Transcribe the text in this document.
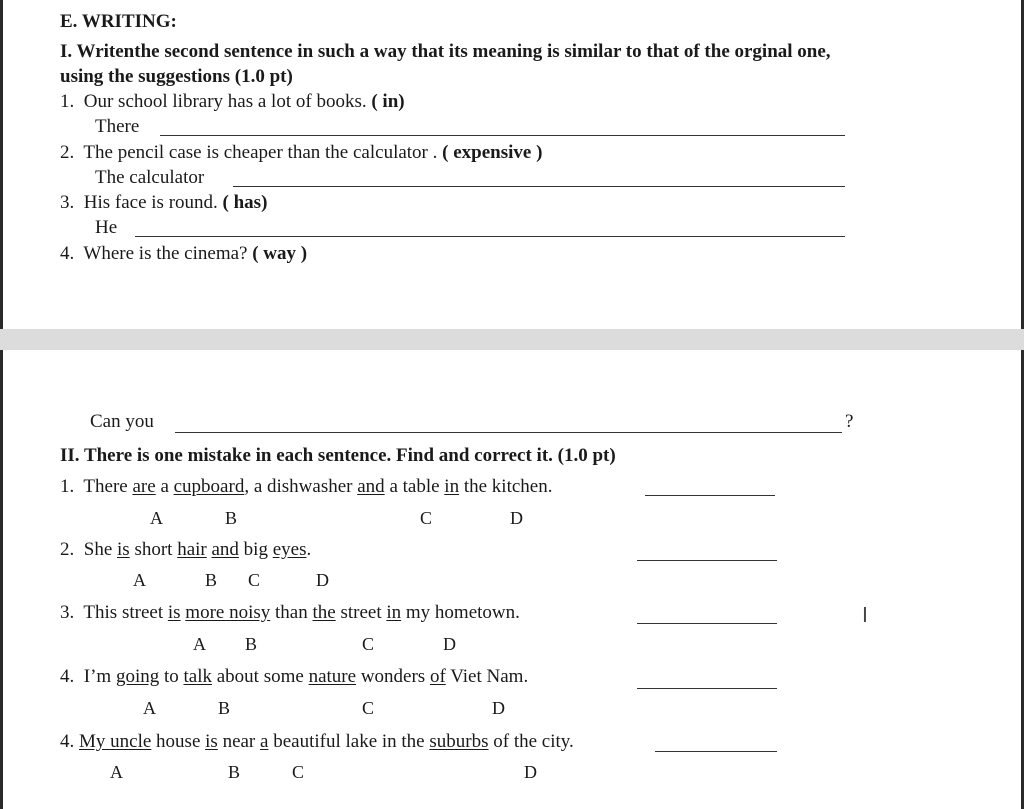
E. WRITING:
I. Writenthe second sentence in such a way that its meaning is similar to that of the orginal one,
using the suggestions (1.0 pt)
1. Our school library has a lot of books. ( in)
There
2. The pencil case is cheaper than the calculator . ( expensive )
The calculator
3. His face is round. ( has)
He
4. Where is the cinema? ( way )
Can you	?
II. There is one mistake in each sentence. Find and correct it. (1.0 pt)
1. There are a cupboard, a dishwasher and a table in the kitchen.
A	B	C	D
2. She is short hair and big eyes.
A	B C	D
3. This street is more noisy than the street in my hometown.
A B	C	D
4. I’m going to talk about some nature wonders of Viet Nam.
A	B	C	D
4. My uncle house is near a beautiful lake in the suburbs of the city.
A	B	C	D
I
